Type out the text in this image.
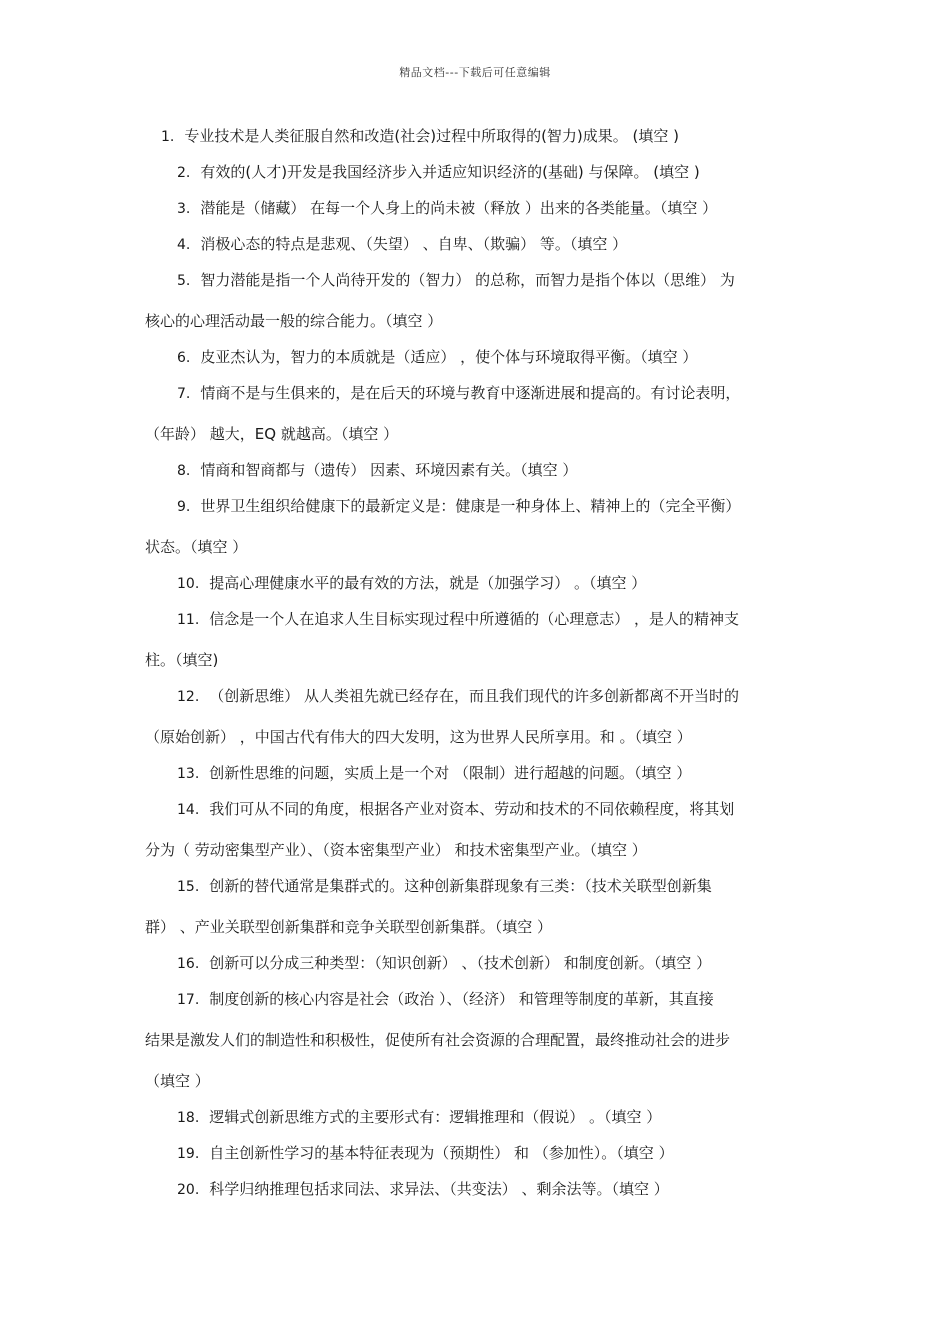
精品文档---下载后可任意编辑
1. 专业技术是人类征服自然和改造(社会)过程中所取得的(智力)成果。 (填空 )
2. 有效的(人才)开发是我国经济步入并适应知识经济的(基础) 与保障。 (填空 )
3. 潜能是（储藏） 在每一个人身上的尚未被（释放 ）出来的各类能量。（填空 ）
4. 消极心态的特点是悲观、（失望） 、自卑、（欺骗） 等。（填空 ）
5. 智力潜能是指一个人尚待开发的（智力） 的总称，而智力是指个体以（思维） 为
核心的心理活动最一般的综合能力。（填空 ）
6. 皮亚杰认为，智力的本质就是（适应） ，使个体与环境取得平衡。（填空 ）
7. 情商不是与生俱来的，是在后天的环境与教育中逐渐进展和提高的。有讨论表明，
（年龄） 越大，EQ 就越高。（填空 ）
8. 情商和智商都与（遗传） 因素、环境因素有关。（填空 ）
9. 世界卫生组织给健康下的最新定义是：健康是一种身体上、精神上的（完全平衡）
状态。（填空 ）
10. 提高心理健康水平的最有效的方法，就是（加强学习） 。（填空 ）
11. 信念是一个人在追求人生目标实现过程中所遵循的（心理意志） ，是人的精神支
柱。（填空)
12. （创新思维） 从人类祖先就已经存在，而且我们现代的许多创新都离不开当时的
（原始创新） ，中国古代有伟大的四大发明，这为世界人民所享用。和 。（填空 ）
13. 创新性思维的问题，实质上是一个对 （限制）进行超越的问题。（填空 ）
14. 我们可从不同的角度，根据各产业对资本、劳动和技术的不同依赖程度，将其划
分为（ 劳动密集型产业）、（资本密集型产业） 和技术密集型产业。（填空 ）
15. 创新的替代通常是集群式的。这种创新集群现象有三类：（技术关联型创新集
群） 、产业关联型创新集群和竞争关联型创新集群。（填空 ）
16. 创新可以分成三种类型：（知识创新） 、（技术创新） 和制度创新。（填空 ）
17. 制度创新的核心内容是社会（政治 ）、（经济） 和管理等制度的革新，其直接
结果是激发人们的制造性和积极性，促使所有社会资源的合理配置，最终推动社会的进步
（填空 ）
18. 逻辑式创新思维方式的主要形式有：逻辑推理和（假说） 。（填空 ）
19. 自主创新性学习的基本特征表现为（预期性） 和 （参加性）。（填空 ）
20. 科学归纳推理包括求同法、求异法、（共变法） 、剩余法等。（填空 ）
